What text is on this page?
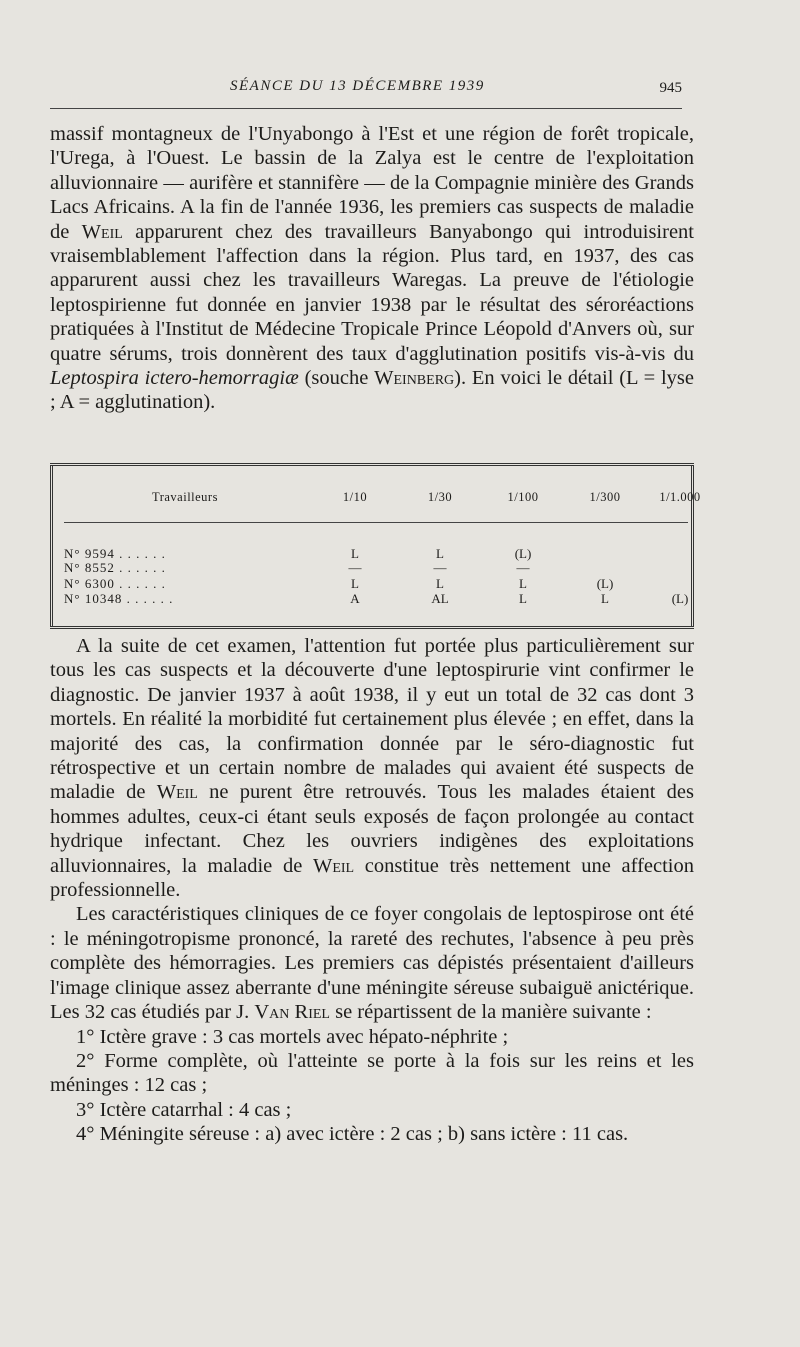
SÉANCE DU 13 DÉCEMBRE 1939	945

massif montagneux de l'Unyabongo à l'Est et une région de forêt tropicale, l'Urega, à l'Ouest. Le bassin de la Zalya est le centre de l'exploitation alluvionnaire — aurifère et stannifère — de la Compagnie minière des Grands Lacs Africains. A la fin de l'année 1936, les premiers cas suspects de maladie de Weil apparurent chez des travailleurs Banyabongo qui introduisirent vraisemblablement l'affection dans la région. Plus tard, en 1937, des cas apparurent aussi chez les travailleurs Waregas. La preuve de l'étiologie leptospirienne fut donnée en janvier 1938 par le résultat des séroréactions pratiquées à l'Institut de Médecine Tropicale Prince Léopold d'Anvers où, sur quatre sérums, trois donnèrent des taux d'agglutination positifs vis-à-vis du Leptospira ictero-hemorragiæ (souche Weinberg). En voici le détail (L = lyse ; A = agglutination).

Travailleurs	1/10	1/30	1/100	1/300	1/1.000
N° 9594 . . . . . .	L	L	(L)
N° 8552 . . . . . .	—	—	—
N° 6300 . . . . . .	L	L	L	(L)
N° 10348 . . . . . .	A	AL	L	L	(L)

A la suite de cet examen, l'attention fut portée plus particulièrement sur tous les cas suspects et la découverte d'une leptospirurie vint confirmer le diagnostic. De janvier 1937 à août 1938, il y eut un total de 32 cas dont 3 mortels. En réalité la morbidité fut certainement plus élevée ; en effet, dans la majorité des cas, la confirmation donnée par le séro-diagnostic fut rétrospective et un certain nombre de malades qui avaient été suspects de maladie de Weil ne purent être retrouvés. Tous les malades étaient des hommes adultes, ceux-ci étant seuls exposés de façon prolongée au contact hydrique infectant. Chez les ouvriers indigènes des exploitations alluvionnaires, la maladie de Weil constitue très nettement une affection professionnelle.

Les caractéristiques cliniques de ce foyer congolais de leptospirose ont été : le méningotropisme prononcé, la rareté des rechutes, l'absence à peu près complète des hémorragies. Les premiers cas dépistés présentaient d'ailleurs l'image clinique assez aberrante d'une méningite séreuse subaiguë anictérique. Les 32 cas étudiés par J. Van Riel se répartissent de la manière suivante :

1° Ictère grave : 3 cas mortels avec hépato-néphrite ;

2° Forme complète, où l'atteinte se porte à la fois sur les reins et les méninges : 12 cas ;

3° Ictère catarrhal : 4 cas ;

4° Méningite séreuse : a) avec ictère : 2 cas ; b) sans ictère : 11 cas.
